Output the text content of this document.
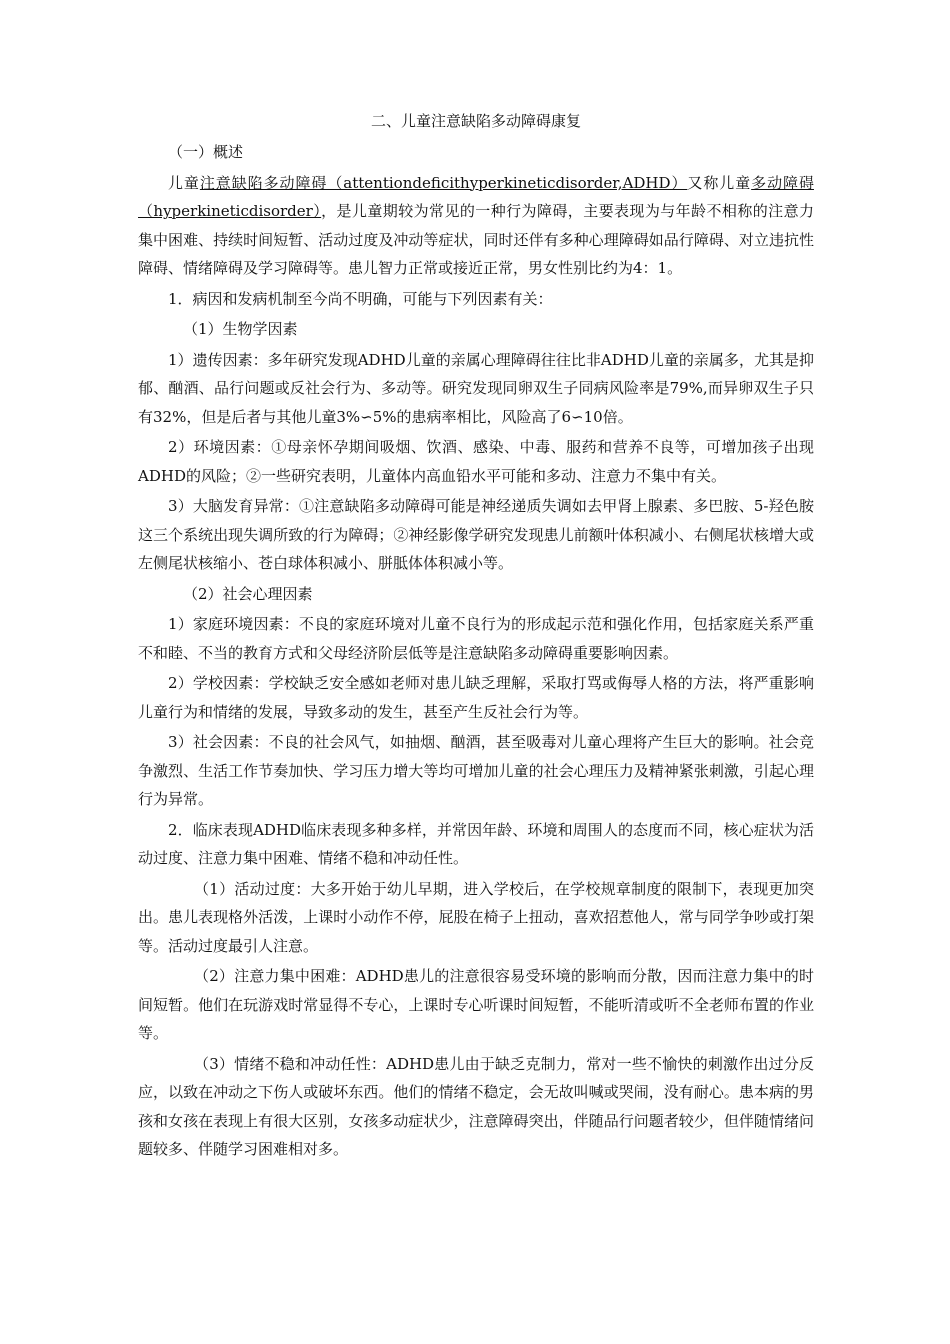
二、儿童注意缺陷多动障碍康复

（一）概述

儿童注意缺陷多动障碍（attentiondeficithyperkineticdisorder,ADHD）又称儿童多动障碍（hyperkineticdisorder），是儿童期较为常见的一种行为障碍，主要表现为与年龄不相称的注意力集中困难、持续时间短暂、活动过度及冲动等症状，同时还伴有多种心理障碍如品行障碍、对立违抗性障碍、情绪障碍及学习障碍等。患儿智力正常或接近正常，男女性别比约为4：1。

1．病因和发病机制至今尚不明确，可能与下列因素有关：

（1）生物学因素

1）遗传因素：多年研究发现ADHD儿童的亲属心理障碍往往比非ADHD儿童的亲属多，尤其是抑郁、酗酒、品行问题或反社会行为、多动等。研究发现同卵双生子同病风险率是79%,而异卵双生子只有32%，但是后者与其他儿童3%∽5%的患病率相比，风险高了6∽10倍。

2）环境因素：①母亲怀孕期间吸烟、饮酒、感染、中毒、服药和营养不良等，可增加孩子出现ADHD的风险；②一些研究表明，儿童体内高血铅水平可能和多动、注意力不集中有关。

3）大脑发育异常：①注意缺陷多动障碍可能是神经递质失调如去甲肾上腺素、多巴胺、5-羟色胺这三个系统出现失调所致的行为障碍；②神经影像学研究发现患儿前额叶体积减小、右侧尾状核增大或左侧尾状核缩小、苍白球体积减小、胼胝体体积减小等。

（2）社会心理因素

1）家庭环境因素：不良的家庭环境对儿童不良行为的形成起示范和强化作用，包括家庭关系严重不和睦、不当的教育方式和父母经济阶层低等是注意缺陷多动障碍重要影响因素。

2）学校因素：学校缺乏安全感如老师对患儿缺乏理解，采取打骂或侮辱人格的方法，将严重影响儿童行为和情绪的发展，导致多动的发生，甚至产生反社会行为等。

3）社会因素：不良的社会风气，如抽烟、酗酒，甚至吸毒对儿童心理将产生巨大的影响。社会竞争激烈、生活工作节奏加快、学习压力增大等均可增加儿童的社会心理压力及精神紧张刺激，引起心理行为异常。

2．临床表现ADHD临床表现多种多样，并常因年龄、环境和周围人的态度而不同，核心症状为活动过度、注意力集中困难、情绪不稳和冲动任性。

（1）活动过度：大多开始于幼儿早期，进入学校后，在学校规章制度的限制下，表现更加突出。患儿表现格外活泼，上课时小动作不停，屁股在椅子上扭动，喜欢招惹他人，常与同学争吵或打架等。活动过度最引人注意。

（2）注意力集中困难：ADHD患儿的注意很容易受环境的影响而分散，因而注意力集中的时间短暂。他们在玩游戏时常显得不专心，上课时专心听课时间短暂，不能听清或听不全老师布置的作业等。

（3）情绪不稳和冲动任性：ADHD患儿由于缺乏克制力，常对一些不愉快的刺激作出过分反应，以致在冲动之下伤人或破坏东西。他们的情绪不稳定，会无故叫喊或哭闹，没有耐心。患本病的男孩和女孩在表现上有很大区别，女孩多动症状少，注意障碍突出，伴随品行问题者较少，但伴随情绪问题较多、伴随学习困难相对多。
